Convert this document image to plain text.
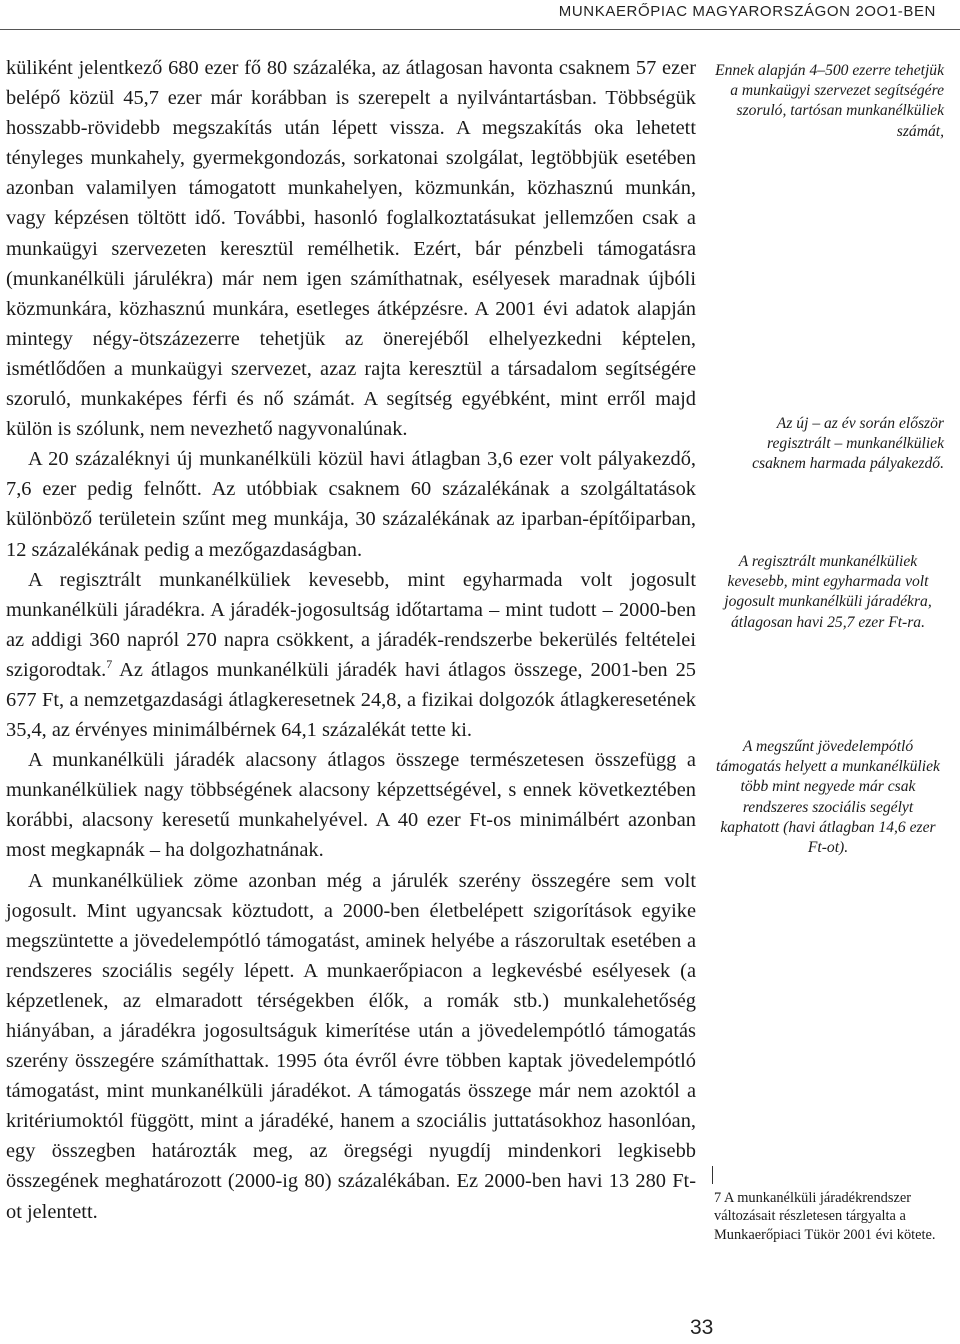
MUNKAERŐPIAC MAGYARORSZÁGON 2OO1-BEN

küliként jelentkező 680 ezer fő 80 százaléka, az átlagosan havonta csaknem 57 ezer belépő közül 45,7 ezer már korábban is szerepelt a nyilvántartásban. Többségük hosszabb-rövidebb megszakítás után lépett vissza. A megszakítás oka lehetett tényleges munkahely, gyermekgondozás, sorkatonai szolgálat, legtöbbjük esetében azonban valamilyen támogatott munkahelyen, közmunkán, közhasznú munkán, vagy képzésen töltött idő. További, hasonló foglalkoztatásukat jellemzően csak a munkaügyi szervezeten keresztül remélhetik. Ezért, bár pénzbeli támogatásra (munkanélküli járulékra) már nem igen számíthatnak, esélyesek maradnak újbóli közmunkára, közhasznú munkára, esetleges átképzésre. A 2001 évi adatok alapján mintegy négy-ötszázezerre tehetjük az önerejéből elhelyezkedni képtelen, ismétlődően a munkaügyi szervezet, azaz rajta keresztül a társadalom segítségére szoruló, munkaképes férfi és nő számát. A segítség egyébként, mint erről majd külön is szólunk, nem nevezhető nagyvonalúnak.

A 20 százaléknyi új munkanélküli közül havi átlagban 3,6 ezer volt pályakezdő, 7,6 ezer pedig felnőtt. Az utóbbiak csaknem 60 százalékának a szolgáltatások különböző területein szűnt meg munkája, 30 százalékának az iparban-építőiparban, 12 százalékának pedig a mezőgazdaságban.

A regisztrált munkanélküliek kevesebb, mint egyharmada volt jogosult munkanélküli járadékra. A járadék-jogosultság időtartama – mint tudott – 2000-ben az addigi 360 napról 270 napra csökkent, a járadék-rendszerbe bekerülés feltételei szigorodtak.$^7$ Az átlagos munkanélküli járadék havi átlagos összege, 2001-ben 25 677 Ft, a nemzetgazdasági átlagkeresetnek 24,8, a fizikai dolgozók átlagkeresetének 35,4, az érvényes minimálbérnek 64,1 százalékát tette ki.

A munkanélküli járadék alacsony átlagos összege természetesen összefügg a munkanélküliek nagy többségének alacsony képzettségével, s ennek következtében korábbi, alacsony keresetű munkahelyével. A 40 ezer Ft-os minimálbért azonban most megkapnák – ha dolgozhatnának.

A munkanélküliek zöme azonban még a járulék szerény összegére sem volt jogosult. Mint ugyancsak köztudott, a 2000-ben életbelépett szigorítások egyike megszüntette a jövedelempótló támogatást, aminek helyébe a rászorultak esetében a rendszeres szociális segély lépett. A munkaerőpiacon a legkevésbé esélyesek (a képzetlenek, az elmaradott térségekben élők, a romák stb.) munkalehetőség hiányában, a járadékra jogosultságuk kimerítése után a jövedelempótló támogatás szerény összegére számíthattak. 1995 óta évről évre többen kaptak jövedelempótló támogatást, mint munkanélküli járadékot. A támogatás összege már nem azoktól a kritériumoktól függött, mint a járadéké, hanem a szociális juttatásokhoz hasonlóan, egy összegben határozták meg, az öregségi nyugdíj mindenkori legkisebb összegének meghatározott (2000-ig 80) százalékában. Ez 2000-ben havi 13 280 Ft-ot jelentett.

Ennek alapján 4–500 ezerre tehetjük a munkaügyi szervezet segítségére szoruló, tartósan munkanélküliek számát,
Az új – az év során először regisztrált – munkanélküliek csaknem harmada pályakezdő.
A regisztrált munkanélküliek kevesebb, mint egyharmada volt jogosult munkanélküli járadékra, átlagosan havi 25,7 ezer Ft-ra.
A megszűnt jövedelempótló támogatás helyett a munkanélküliek több mint negyede már csak rendszeres szociális segélyt kaphatott (havi átlagban 14,6 ezer Ft-ot).
7 A munkanélküli járadékrendszer változásait részletesen tárgyalta a Munkaerőpiaci Tükör 2001 évi kötete.
33
